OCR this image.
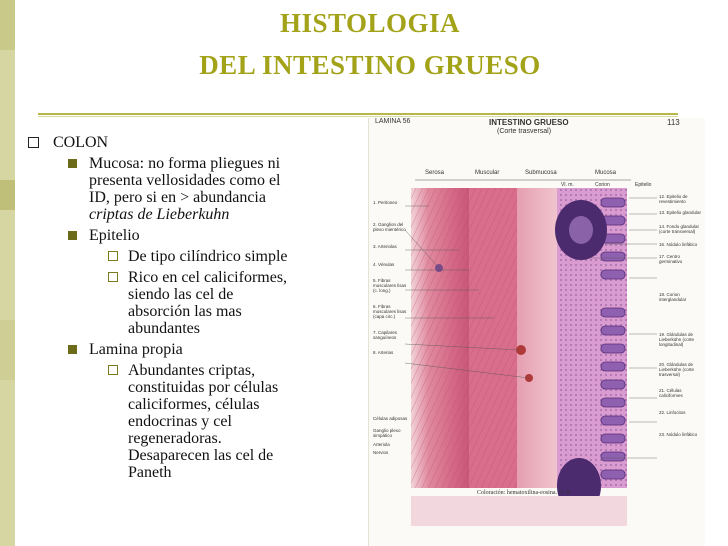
HISTOLOGIA
DEL INTESTINO GRUESO
COLON
Mucosa: no forma pliegues ni
presenta vellosidades como el
ID, pero si en > abundancia
criptas de Lieberkuhn
Epitelio
De tipo cilíndrico simple
Rico en cel caliciformes,
siendo las cel de
absorción las mas
abundantes
Lamina propia
Abundantes criptas,
constituidas por células
caliciformes, células
endocrinas y cel
regeneradoras.
Desaparecen las cel de
Paneth
LAMINA 56	INTESTINO GRUESO
(Corte trasversal)
113
Serosa	Muscular	Submucosa	Mucosa
Vl. m.	Corion	Epitelio
1. Peritoneo
2. Ganglion del plexo mientérico
3. Arteriolas
4. Vénulas
5. Fibras musculares lisas (c. long.)
6. Fibras musculares lisas (capa circ.)
7. Capilares sanguíneos
8. Arterias
Células adiposas
Ganglio plexo simpático
Arteriola
Nervios
12. Epitelio de revestimiento
13. Epitelio glandular
14. Fondo glandular (corte transversal)
16. Nódulo linfático
17. Centro germinativo
18. Corion interglandular
19. Glándulas de Lieberkühn (corte longitudinal)
20. Glándulas de Lieberkühn (corte trasversal)
21. Células caliciformes
22. Linfocitos
23. Nódulo linfático
Coloración: hematoxilina-eosina. 53 X.
